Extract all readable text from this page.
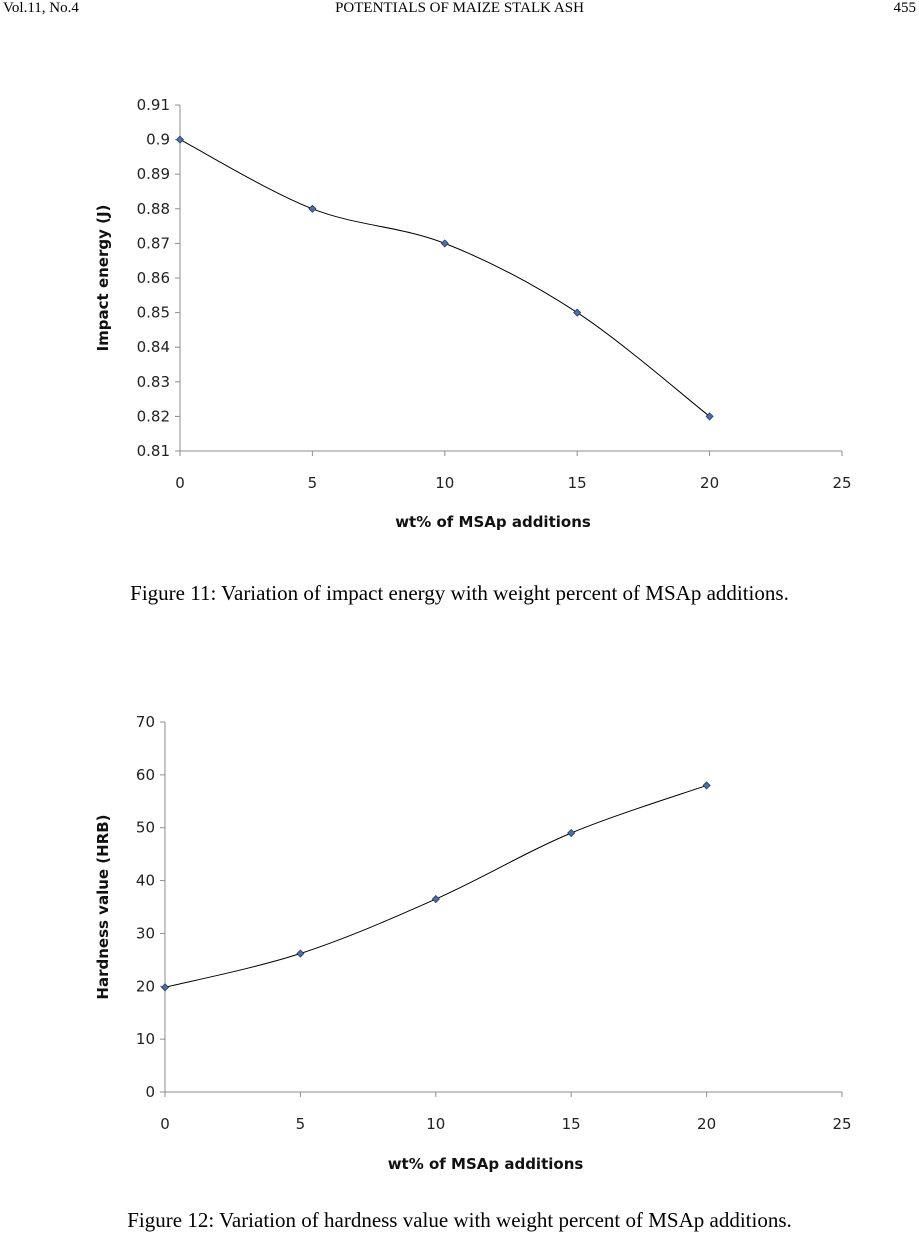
Vol.11, No.4	POTENTIALS OF MAIZE STALK ASH	455
0.81
0.82
0.83
0.84
0.85
0.86
0.87
0.88
0.89
0.9
0.91
0	5	10	15	20	25
wt% of MSAp additions
Impact energy (J)
Figure 11: Variation of impact energy with weight percent of MSAp additions.
0
10
20
30
40
50
60
70
0	5	10	15	20	25
wt% of MSAp additions
Hardness value (HRB)
Figure 12: Variation of hardness value with weight percent of MSAp additions.
